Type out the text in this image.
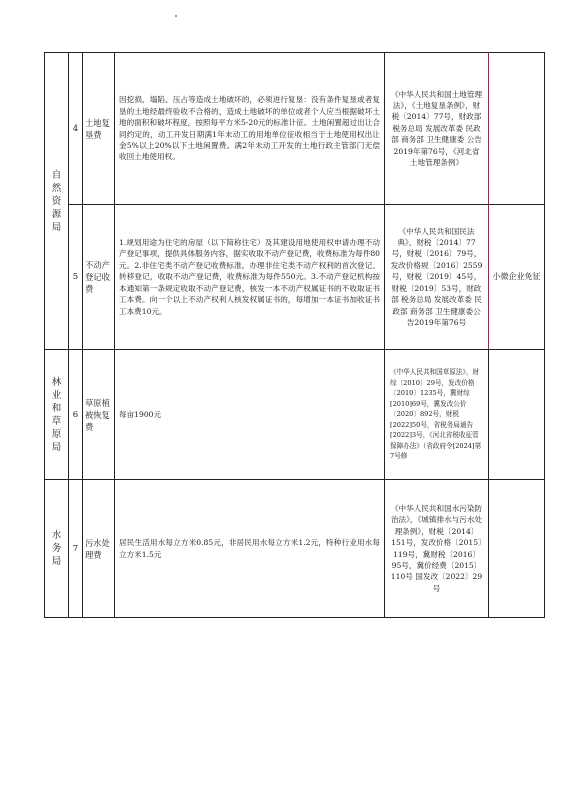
自然资源局	4	土地复垦费	因挖损、塌陷、压占等造成土地破坏的，必须进行复垦：没有条件复垦或者复垦的土地经最终验收不合格的，造成土地破坏的单位或者个人应当根据破坏土地的面积和破坏程度，按照每平方米5-20元的标准计征。土地闲置超过出让合同约定的，动工开发日期满1年未动工的用地单位征收相当于土地使用权出让金5%以上20%以下土地闲置费。满2年未动工开发的土地行政主管部门无偿收回土地使用权。	《中华人民共和国土地管理法》，《土地复垦条例》，财税〔2014〕77号，财政部 税务总局 发展改革委 民政部 商务部 卫生健康委 公告2019年第76号，《河北省土地管理条例》	
	5	不动产登记收费	1.规划用途为住宅的房屋（以下简称住宅）及其建设用地使用权申请办理不动产登记事项，提供具体服务内容，据实收取不动产登记费，收费标准为每件80元。2.非住宅类不动产登记收费标准。办理非住宅类不动产权利的首次登记、转移登记，收取不动产登记费，收费标准为每件550元。3.不动产登记机构按本通知第一条规定收取不动产登记费，核发一本不动产权属证书的不收取证书工本费。向一个以上不动产权利人核发权属证书的，每增加一本证书加收证书工本费10元。	《中华人民共和国民法典》，财税〔2014〕77号，财税〔2016〕79号，发改价格规〔2016〕2559号，财税〔2019〕45号，财税〔2019〕53号，财政部 税务总局 发展改革委 民政部 商务部 卫生健康委公告2019年第76号	小微企业免征

林业和草原局	6	草原植被恢复费	每亩1900元	《中华人民共和国草原法》，财综〔2010〕29号，发改价格〔2010〕1235号，冀财综[2010]69号，冀发改公价〔2020〕892号，财税[2022]50号，省税务局通告[2022]3号，《河北省税收征管保障办法》（省政府令[2024]第7号修	

水务局	7	污水处理费	居民生活用水每立方米0.85元，非居民用水每立方米1.2元，特种行业用水每立方米1.5元	《中华人民共和国水污染防治法》，《城镇排水与污水处理条例》，财税〔2014〕151号，发改价格〔2015〕119号，冀财税〔2016〕95号，冀价经费〔2015〕110号 国发改〔2022〕29号	
